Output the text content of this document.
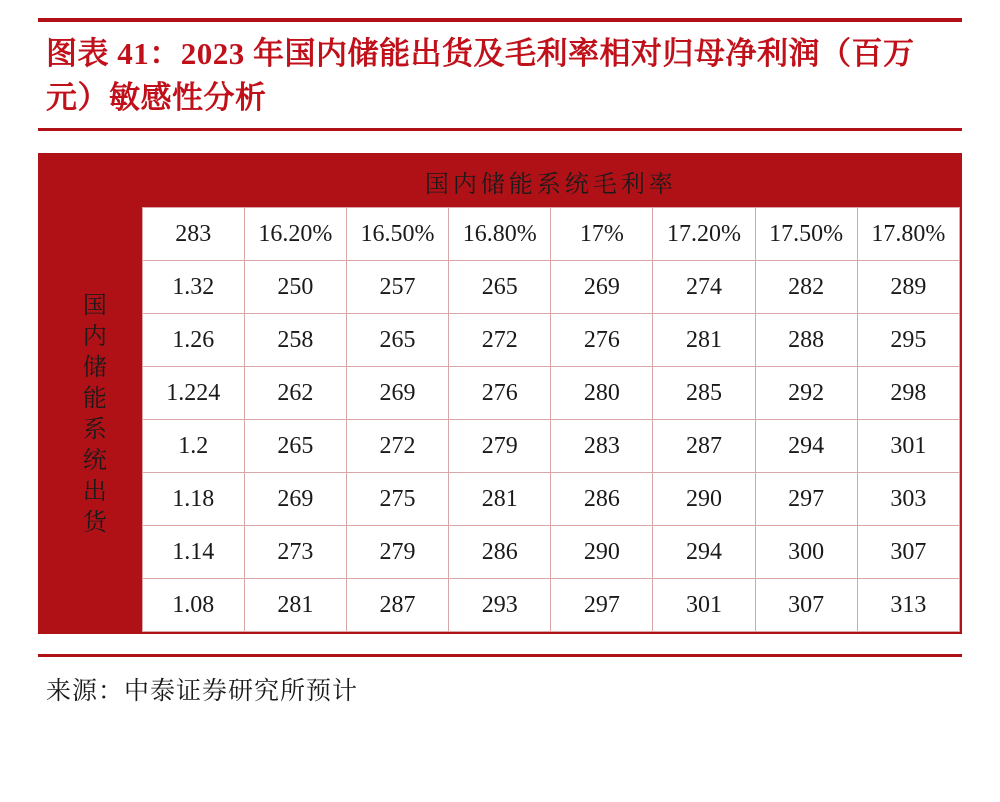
图表 41：2023 年国内储能出货及毛利率相对归母净利润（百万元）敏感性分析
	国内储能系统毛利率							
国内储能系统出货	283	16.20%	16.50%	16.80%	17%	17.20%	17.50%	17.80%
	1.32	250	257	265	269	274	282	289
	1.26	258	265	272	276	281	288	295
	1.224	262	269	276	280	285	292	298
	1.2	265	272	279	283	287	294	301
	1.18	269	275	281	286	290	297	303
	1.14	273	279	286	290	294	300	307
	1.08	281	287	293	297	301	307	313
来源：中泰证券研究所预计
